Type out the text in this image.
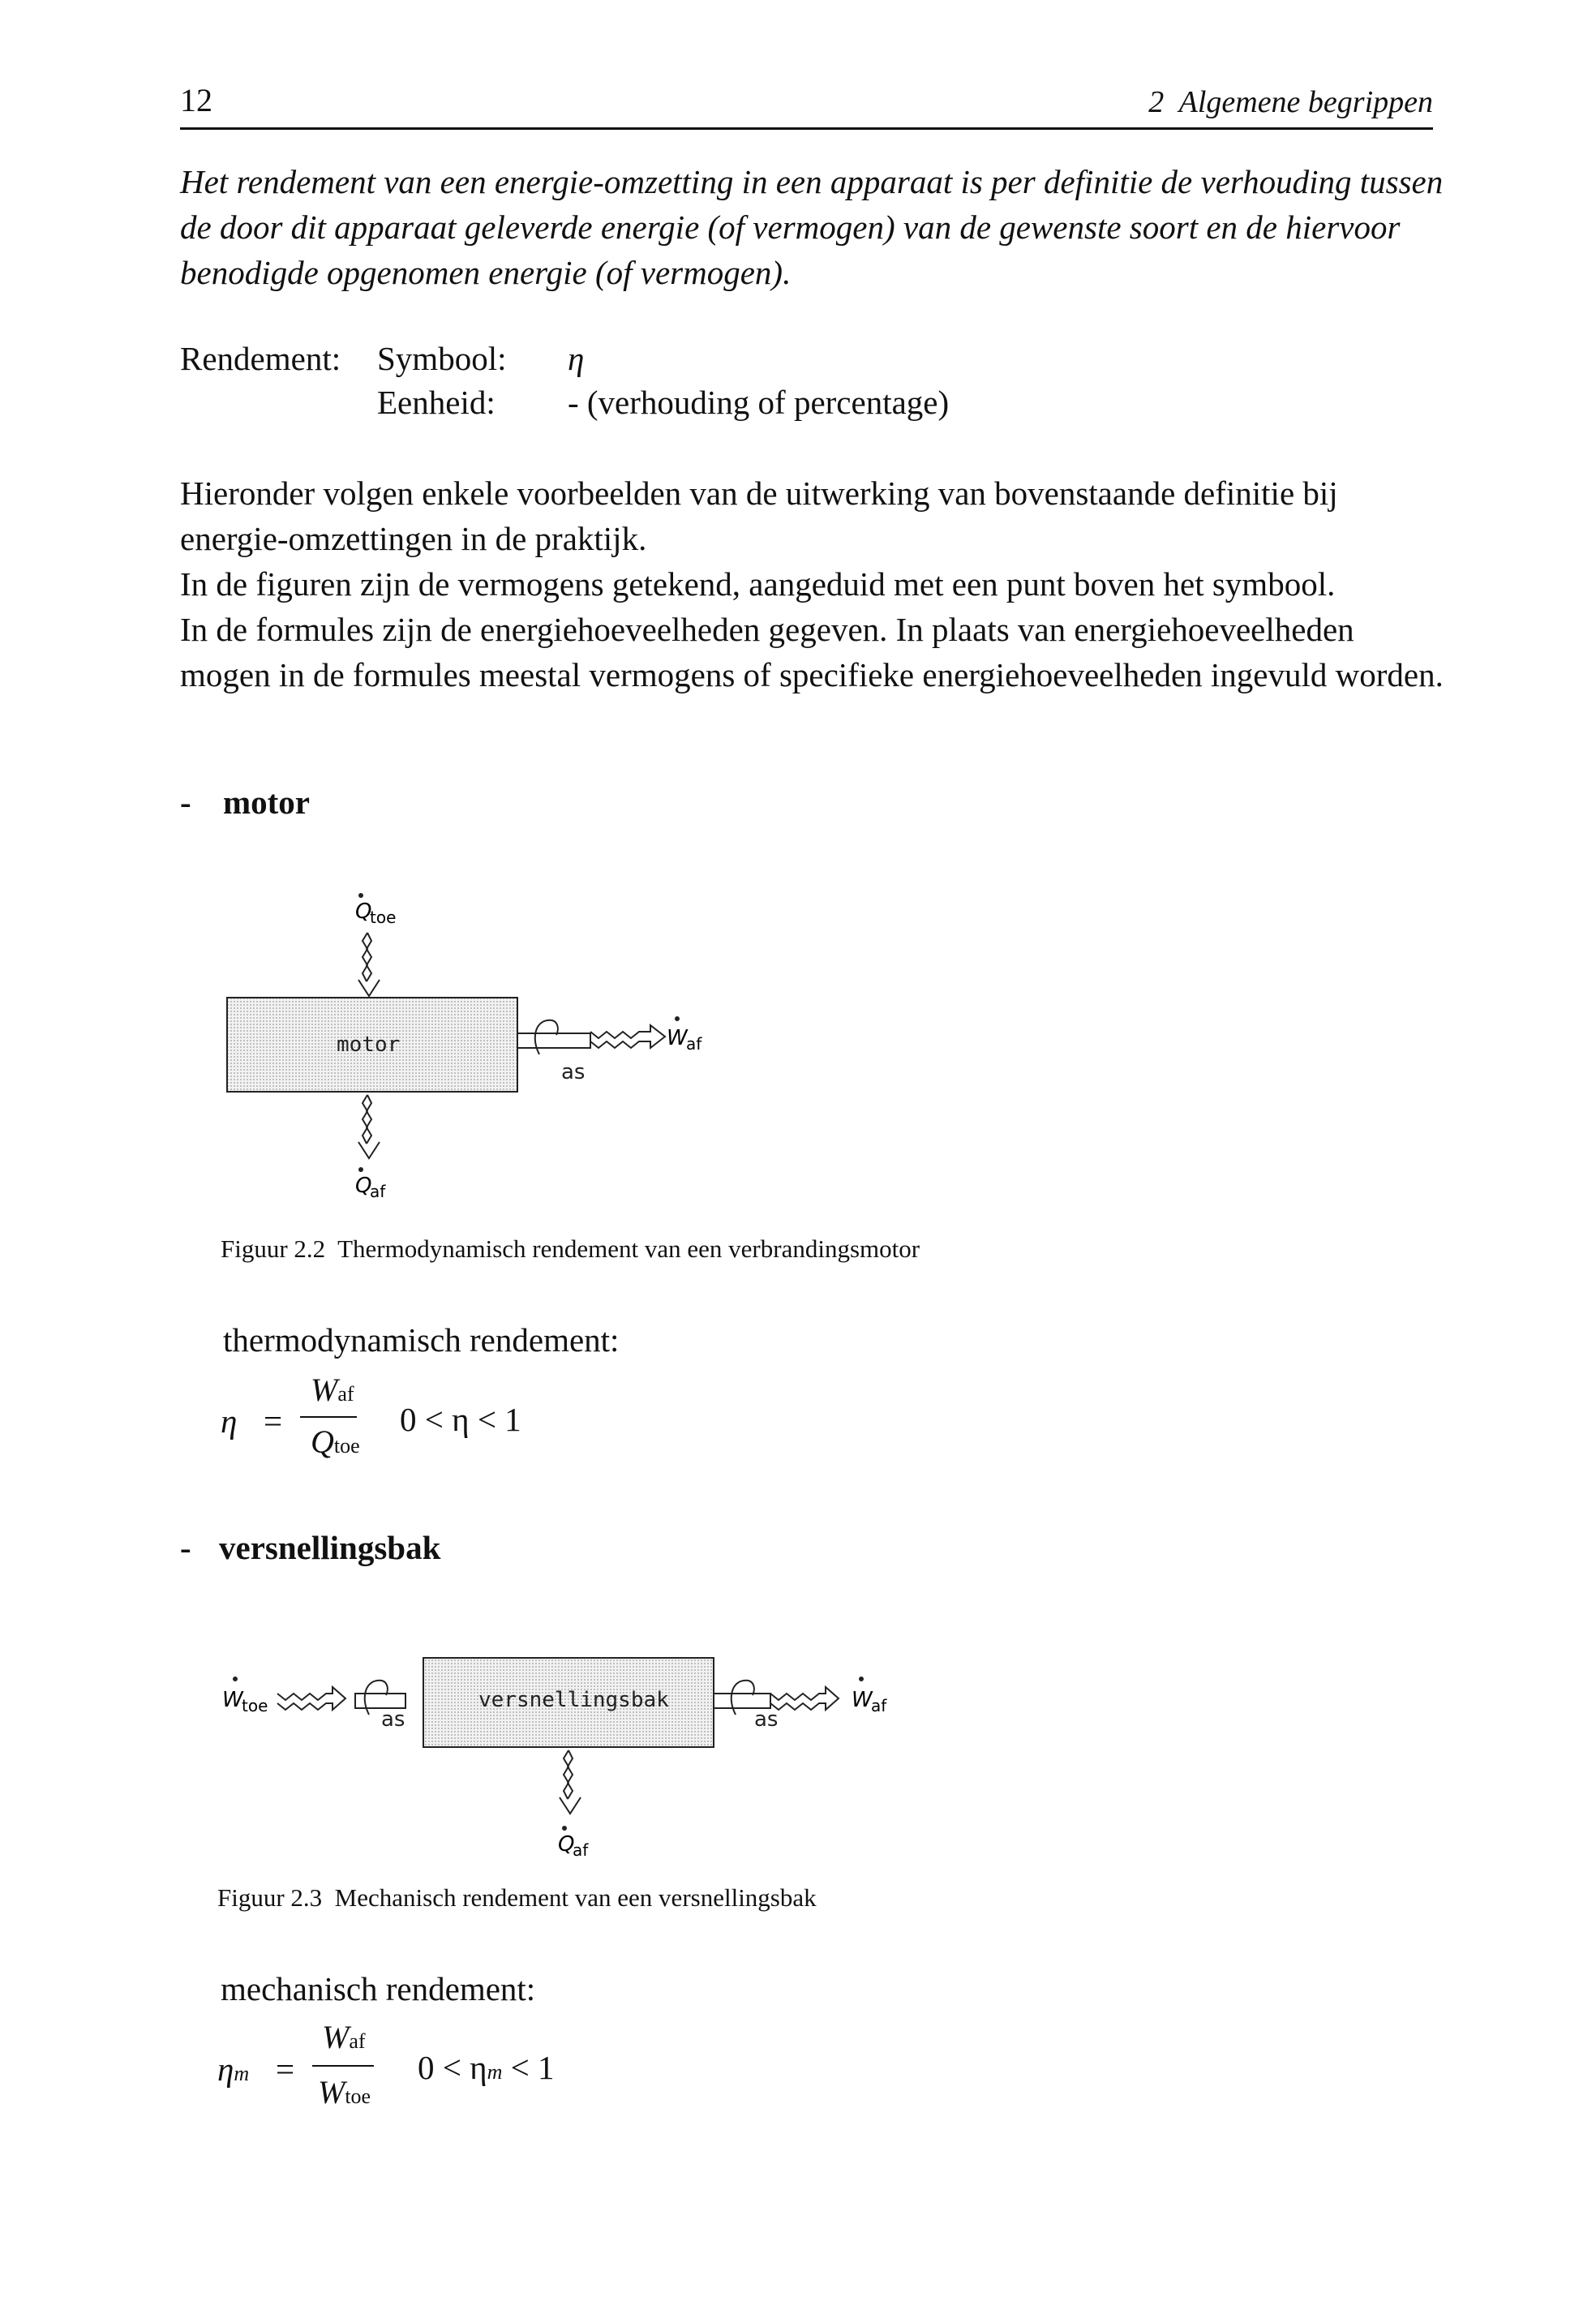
12	2  Algemene begrippen
Het rendement van een energie-omzetting in een apparaat is per definitie de verhouding tussen de door dit apparaat geleverde energie (of vermogen) van de gewenste soort en de hiervoor benodigde opgenomen energie (of vermogen).
Rendement: Symbool: η
Eenheid: - (verhouding of percentage)

Hieronder volgen enkele voorbeelden van de uitwerking van bovenstaande definitie bij energie-omzettingen in de praktijk.

In de figuren zijn de vermogens getekend, aangeduid met een punt boven het symbool.

In de formules zijn de energiehoeveelheden gegeven. In plaats van energiehoeveelheden mogen in de formules meestal vermogens of specifieke energiehoeveelheden ingevuld worden.

- motor
Q
toe
motor
as
W
af
Q
af
Figuur 2.2  Thermodynamisch rendement van een verbrandingsmotor
thermodynamisch rendement:
η =
Waf
Qtoe
0 < η < 1
- versnellingsbak
W
toe
as
versnellingsbak
as
W
af
Q
af
Figuur 2.3  Mechanisch rendement van een versnellingsbak
mechanisch rendement:
ηm =
Waf
Wtoe
0 < ηm < 1
